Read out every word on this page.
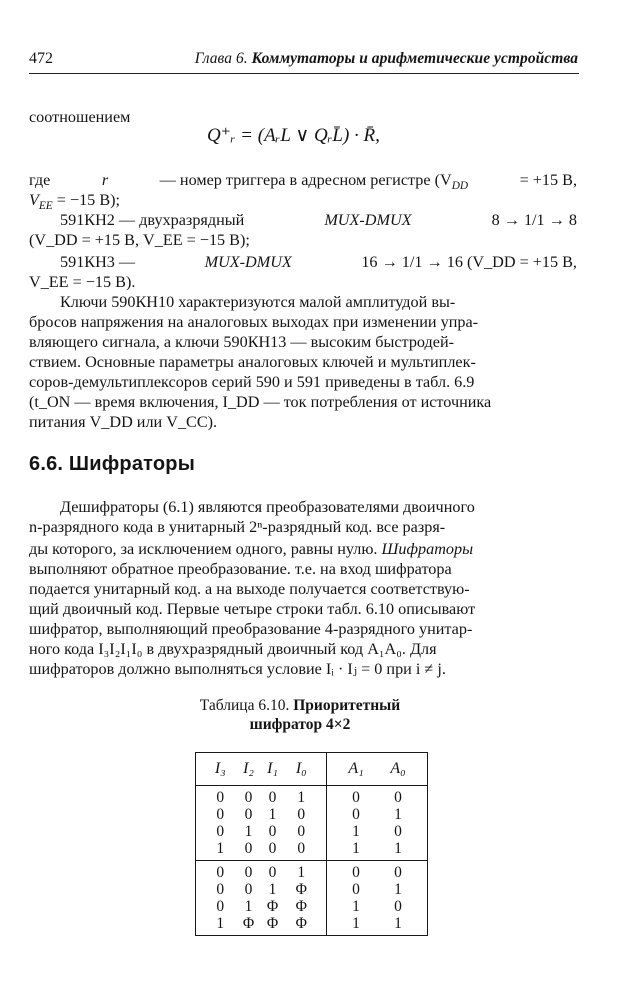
472	Глава 6. Коммутаторы и арифметические устройства
соотношением
Q⁺ᵣ = (AᵣL ∨ QᵣL̄) · R̄,
где	r	— номер триггера в адресном регистре ($V_{DD}$	= +15 В,
$V_{EE} = -15$ В);
591КН2 — двухразрядный	MUX-DMUX	8 → 1/1 → 8
(V_DD = +15 В, V_EE = −15 В);
591КН3 —	MUX-DMUX	16 → 1/1 → 16 (V_DD = +15 В,
V_EE = −15 В).
Ключи 590КН10 характеризуются малой амплитудой вы-
бросов напряжения на аналоговых выходах при изменении упра-
вляющего сигнала, а ключи 590КН13 — высоким быстродей-
ствием. Основные параметры аналоговых ключей и мультиплек-
соров-демультиплексоров серий 590 и 591 приведены в табл. 6.9
(t_ON — время включения, I_DD — ток потребления от источника
питания V_DD или V_CC).
6.6. Шифраторы
Дешифраторы (6.1) являются преобразователями двоичного
n-разрядного кода в унитарный 2ⁿ-разрядный код. все разря-
ды которого, за исключением одного, равны нулю. Шифраторы
выполняют обратное преобразование. т.е. на вход шифратора
подается унитарный код. а на выходе получается соответствую-
щий двоичный код. Первые четыре строки табл. 6.10 описывают
шифратор, выполняющий преобразование 4-разрядного унитар-
ного кода I₃I₂I₁I₀ в двухразрядный двоичный код A₁A₀. Для
шифраторов должно выполняться условие Iᵢ · Iⱼ = 0 при i ≠ j.
Таблица 6.10. Приоритетный
шифратор 4×2
I₃	I₂	I₁	I₀	A₁	A₀
0	0	0	1	0	0
0	0	1	0	0	1
0	1	0	0	1	0
1	0	0	0	1	1
0	0	0	1	0	0
0	0	1	Φ	0	1
0	1	Φ	Φ	1	0
1	Φ	Φ	Φ	1	1
